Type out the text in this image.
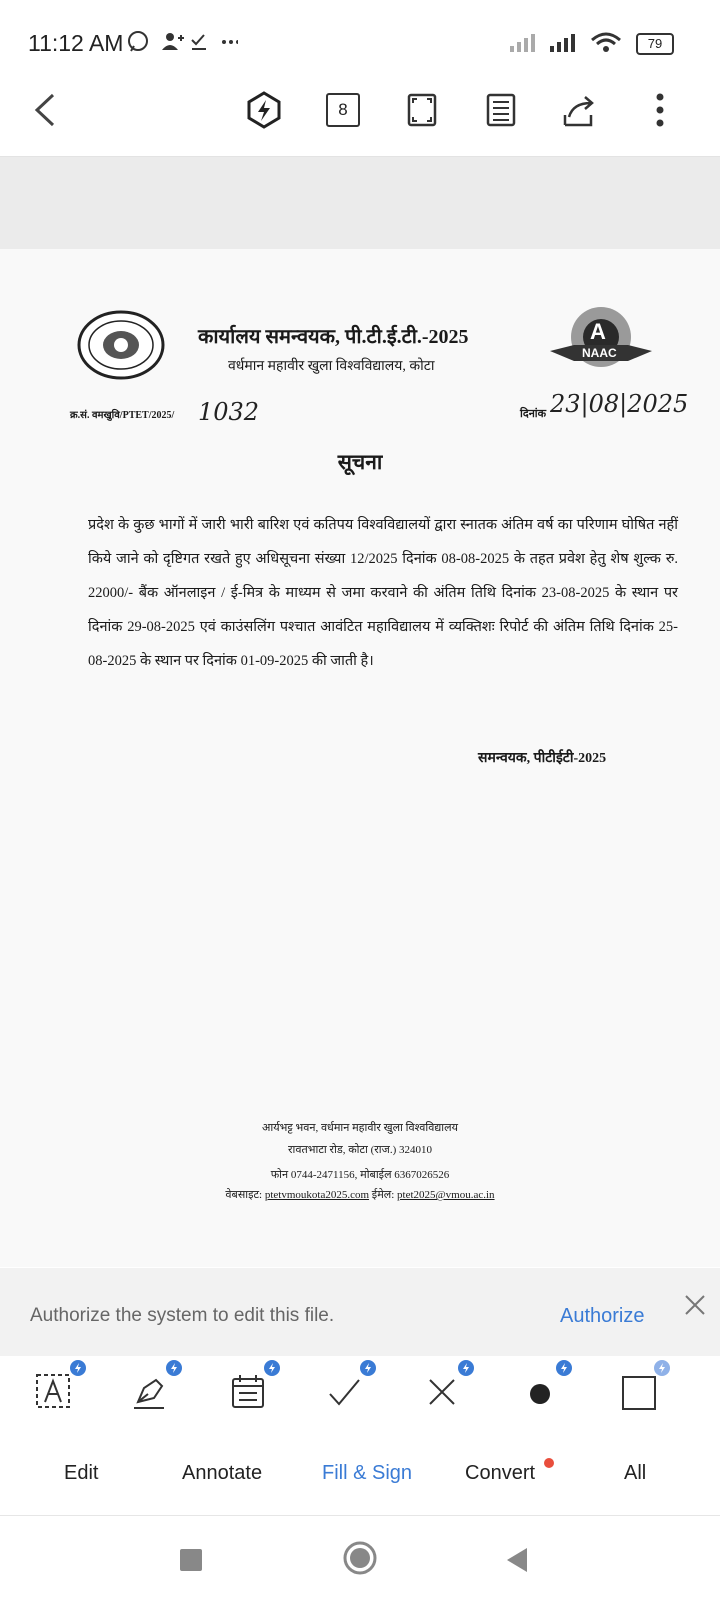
11:12 AM	79
8
कार्यालय समन्वयक, पी.टी.ई.टी.-2025
वर्धमान महावीर खुला विश्वविद्यालय, कोटा
A
NAAC
क्र.सं. वमखुवि/PTET/2025/ 1032	दिनांक 23|08|2025
सूचना
प्रदेश के कुछ भागों में जारी भारी बारिश एवं कतिपय विश्वविद्यालयों द्वारा स्नातक अंतिम वर्ष का परिणाम घोषित नहीं किये जाने को दृष्टिगत रखते हुए अधिसूचना संख्या 12/2025 दिनांक 08-08-2025 के तहत प्रवेश हेतु शेष शुल्क रु. 22000/- बैंक ऑनलाइन / ई-मित्र के माध्यम से जमा करवाने की अंतिम तिथि दिनांक 23-08-2025 के स्थान पर दिनांक 29-08-2025 एवं काउंसलिंग पश्चात आवंटित महाविद्यालय में व्यक्तिशः रिपोर्ट की अंतिम तिथि दिनांक 25-08-2025 के स्थान पर दिनांक 01-09-2025 की जाती है।
समन्वयक, पीटीईटी-2025
आर्यभट्ट भवन, वर्धमान महावीर खुला विश्वविद्यालय
रावतभाटा रोड, कोटा (राज.) 324010
फोन 0744-2471156, मोबाईल 6367026526
वेबसाइट: ptetvmoukota2025.com ईमेल: ptet2025@vmou.ac.in
Authorize the system to edit this file.	Authorize
Edit	Annotate	Fill & Sign	Convert	All
